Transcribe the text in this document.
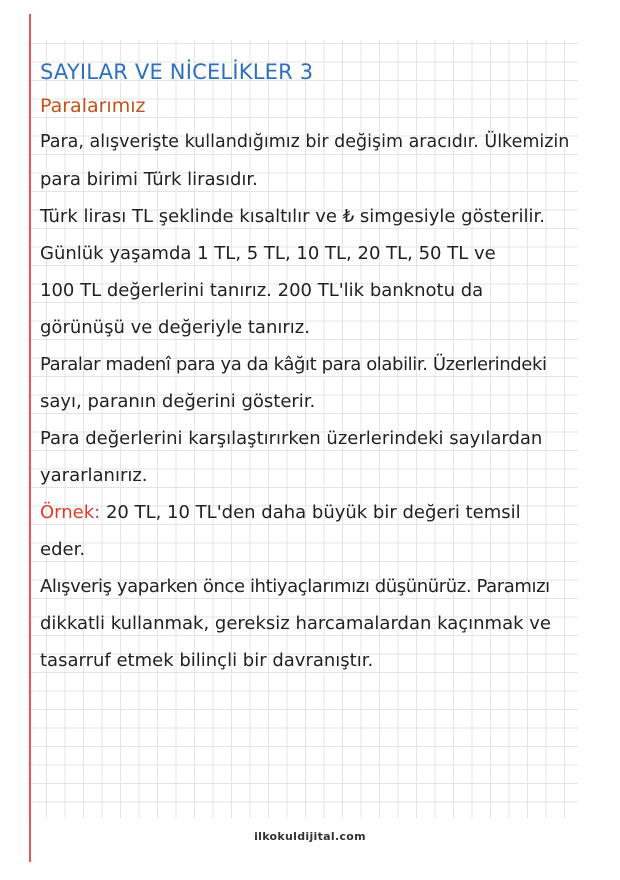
SAYILAR VE NİCELİKLER 3
Paralarımız

Para, alışverişte kullandığımız bir değişim aracıdır. Ülkemizin

para birimi Türk lirasıdır.

Türk lirası TL şeklinde kısaltılır ve ₺ simgesiyle gösterilir.

Günlük yaşamda 1 TL, 5 TL, 10 TL, 20 TL, 50 TL ve

100 TL değerlerini tanırız. 200 TL'lik banknotu da

görünüşü ve değeriyle tanırız.

Paralar madenî para ya da kâğıt para olabilir. Üzerlerindeki

sayı, paranın değerini gösterir.

Para değerlerini karşılaştırırken üzerlerindeki sayılardan

yararlanırız.

Örnek: 20 TL, 10 TL'den daha büyük bir değeri temsil

eder.

Alışveriş yaparken önce ihtiyaçlarımızı düşünürüz. Paramızı

dikkatli kullanmak, gereksiz harcamalardan kaçınmak ve

tasarruf etmek bilinçli bir davranıştır.

ilkokuldijital.com
